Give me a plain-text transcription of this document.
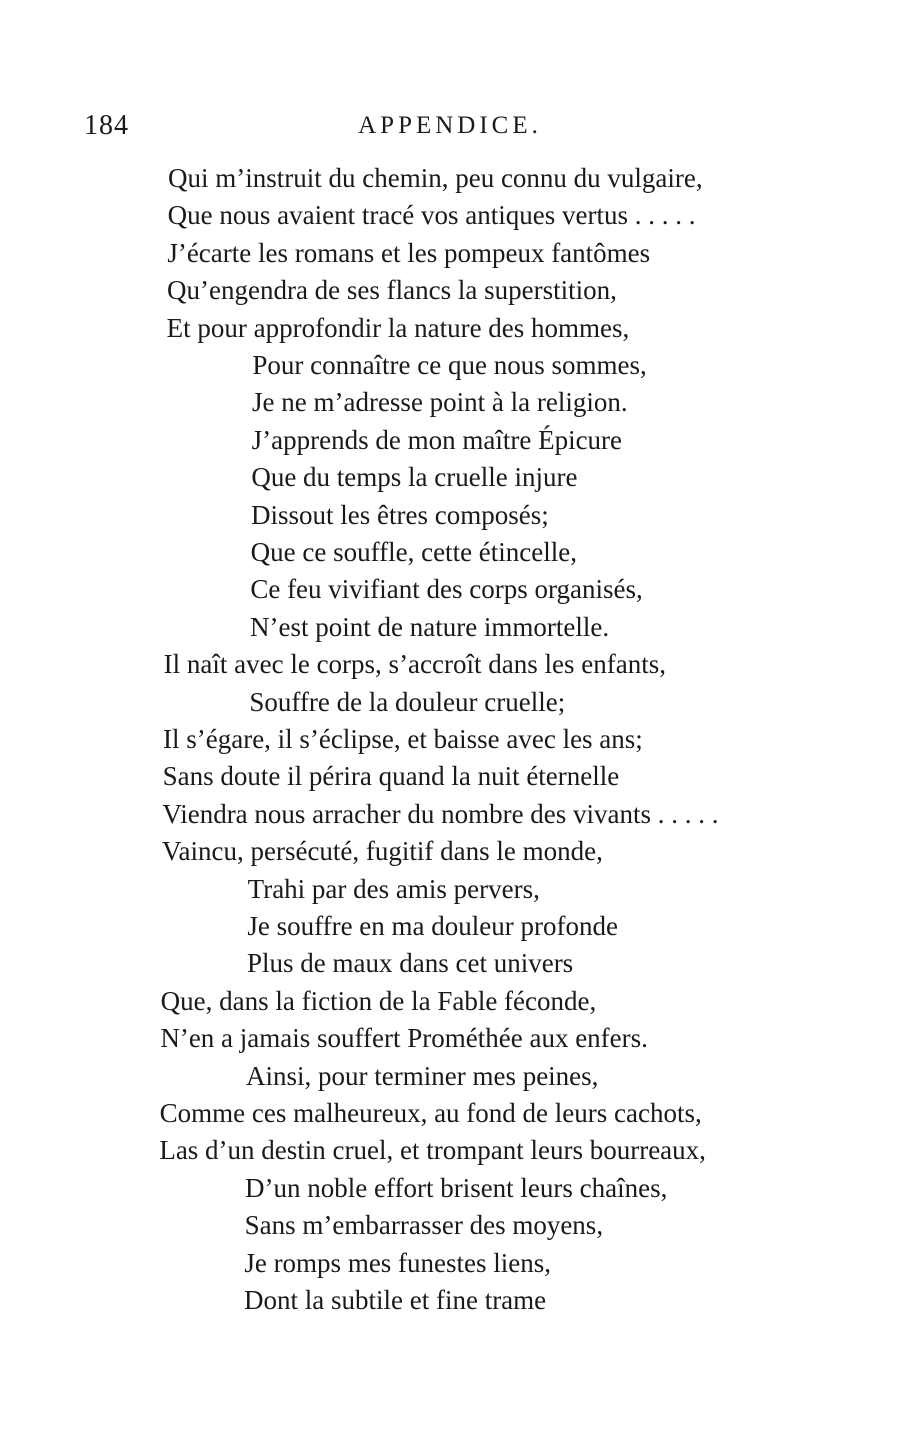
184	APPENDICE.
Qui m’instruit du chemin, peu connu du vulgaire,
Que nous avaient tracé vos antiques vertus . . . . .
J’écarte les romans et les pompeux fantômes
Qu’engendra de ses flancs la superstition,
Et pour approfondir la nature des hommes,
Pour connaître ce que nous sommes,
Je ne m’adresse point à la religion.
J’apprends de mon maître Épicure
Que du temps la cruelle injure
Dissout les êtres composés;
Que ce souffle, cette étincelle,
Ce feu vivifiant des corps organisés,
N’est point de nature immortelle.
Il naît avec le corps, s’accroît dans les enfants,
Souffre de la douleur cruelle;
Il s’égare, il s’éclipse, et baisse avec les ans;
Sans doute il périra quand la nuit éternelle
Viendra nous arracher du nombre des vivants . . . . .
Vaincu, persécuté, fugitif dans le monde,
Trahi par des amis pervers,
Je souffre en ma douleur profonde
Plus de maux dans cet univers
Que, dans la fiction de la Fable féconde,
N’en a jamais souffert Prométhée aux enfers.
Ainsi, pour terminer mes peines,
Comme ces malheureux, au fond de leurs cachots,
Las d’un destin cruel, et trompant leurs bourreaux,
D’un noble effort brisent leurs chaînes,
Sans m’embarrasser des moyens,
Je romps mes funestes liens,
Dont la subtile et fine trame
